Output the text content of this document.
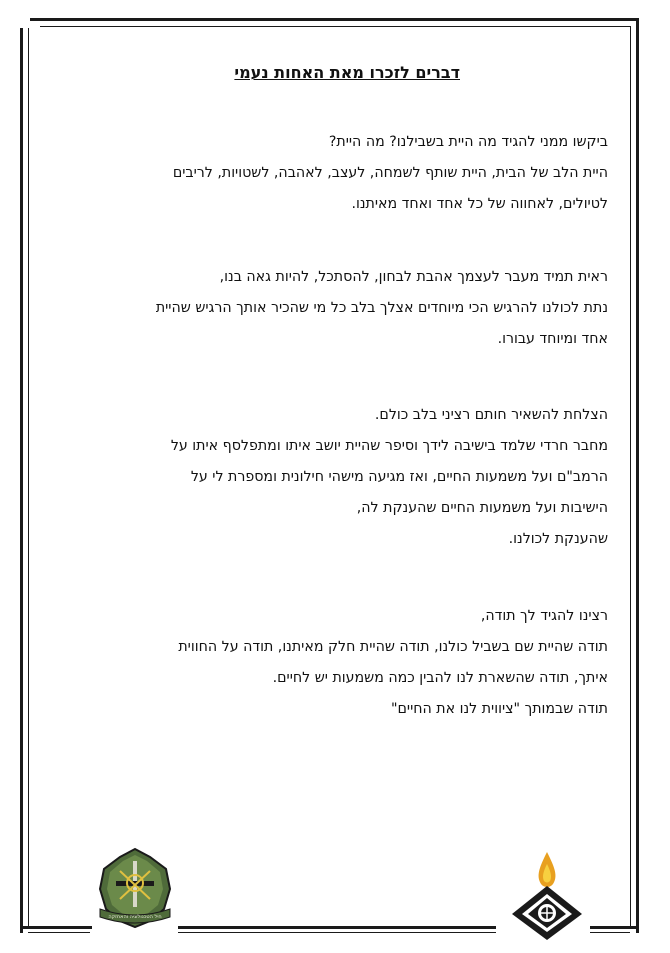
דברים לזכרו מאת האחות נעמי
ביקשו ממני להגיד מה היית בשבילנו? מה היית?
היית הלב של הבית, היית שותף לשמחה, לעצב, לאהבה, לשטויות, לריבים
לטיולים, לאחווה של כל אחד ואחד מאיתנו.
ראית תמיד מעבר לעצמך אהבת לבחון, להסתכל, להיות גאה בנו,
נתת לכולנו להרגיש הכי מיוחדים אצלך בלב כל מי שהכיר אותך הרגיש שהיית
אחד ומיוחד עבורו.
הצלחת להשאיר חותם רציני בלב כולם.
מחבר חרדי שלמד בישיבה לידך וסיפר שהיית יושב איתו ומתפלסף איתו על
הרמב"ם ועל משמעות החיים, ואז מגיעה מישהי חילונית ומספרת לי על
הישיבות ועל משמעות החיים שהענקת לה,
שהענקת לכולנו.
רצינו להגיד לך תודה,
תודה שהיית שם בשביל כולנו, תודה שהיית חלק מאיתנו, תודה על החווית
איתך, תודה שהשארת לנו להבין כמה משמעות יש לחיים.
תודה שבמותך "ציווית לנו את החיים"
חיל הטכנולוגיה והאחזקה
